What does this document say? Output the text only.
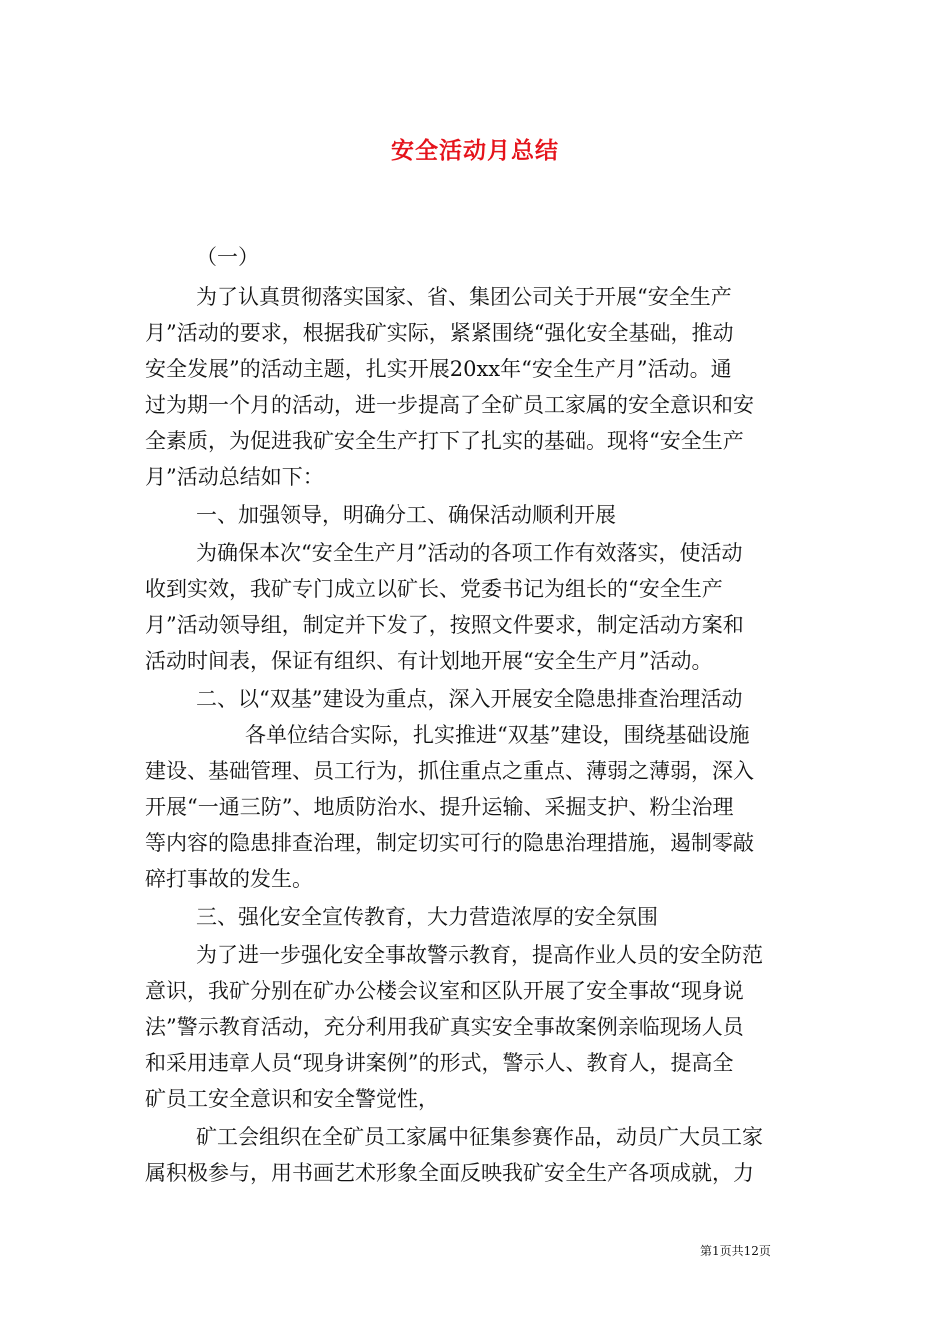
安全活动月总结
（一）
为了认真贯彻落实国家、省、集团公司关于开展“安全生产
月”活动的要求，根据我矿实际，紧紧围绕“强化安全基础，推动
安全发展”的活动主题，扎实开展20xx年“安全生产月”活动。通
过为期一个月的活动，进一步提高了全矿员工家属的安全意识和安
全素质，为促进我矿安全生产打下了扎实的基础。现将“安全生产
月”活动总结如下：
一、加强领导，明确分工、确保活动顺利开展
为确保本次“安全生产月”活动的各项工作有效落实，使活动
收到实效，我矿专门成立以矿长、党委书记为组长的“安全生产
月”活动领导组，制定并下发了，按照文件要求，制定活动方案和
活动时间表，保证有组织、有计划地开展“安全生产月”活动。
二、以“双基”建设为重点，深入开展安全隐患排查治理活动
各单位结合实际，扎实推进“双基”建设，围绕基础设施
建设、基础管理、员工行为，抓住重点之重点、薄弱之薄弱，深入
开展“一通三防”、地质防治水、提升运输、采掘支护、粉尘治理
等内容的隐患排查治理，制定切实可行的隐患治理措施，遏制零敲
碎打事故的发生。
三、强化安全宣传教育，大力营造浓厚的安全氛围
为了进一步强化安全事故警示教育，提高作业人员的安全防范
意识，我矿分别在矿办公楼会议室和区队开展了安全事故“现身说
法”警示教育活动，充分利用我矿真实安全事故案例亲临现场人员
和采用违章人员“现身讲案例”的形式，警示人、教育人，提高全
矿员工安全意识和安全警觉性，
矿工会组织在全矿员工家属中征集参赛作品，动员广大员工家
属积极参与，用书画艺术形象全面反映我矿安全生产各项成就，力
第1页共12页
